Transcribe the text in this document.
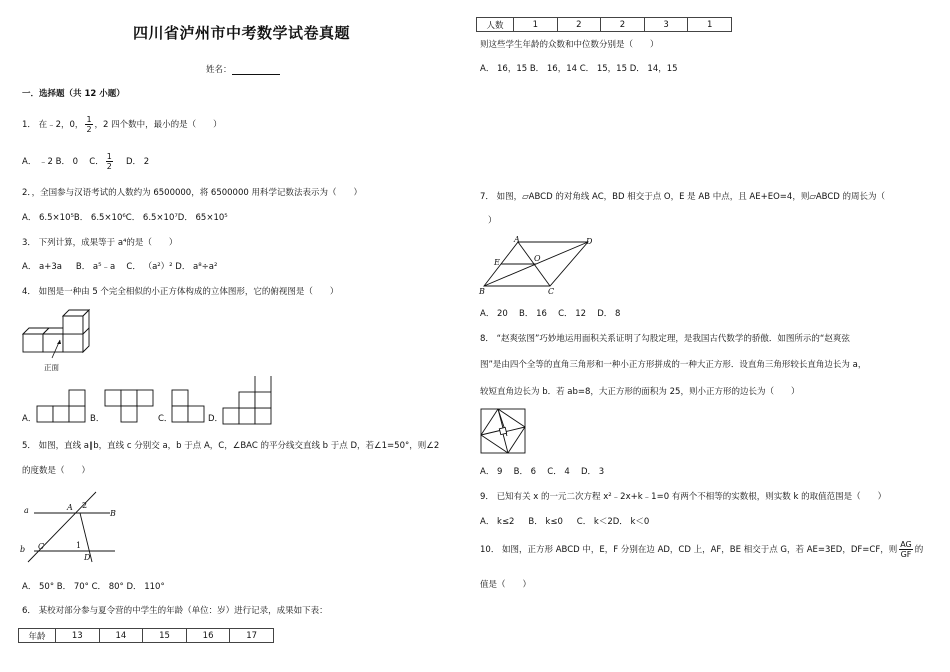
四川省泸州市中考数学试卷真题
姓名：
一．选择题（共 12 小题）
1． 在﹣2，0， $\frac{1}{2}$ ，2 四个数中，最小的是（　　）
A． ﹣2 B． 0 　C． $\frac{1}{2}$ 　D． 2
2．，全国参与汉语考试的人数约为 6500000，将 6500000 用科学记数法表示为（　　）
A． 6.5×10⁵B． 6.5×10⁶C． 6.5×10⁷D． 65×10⁵
3． 下列计算，成果等于 a⁴的是（　　）
A． a+3a 　 B． a⁵﹣a 　C． （a²）² D． a⁸÷a²
4． 如图是一种由 5 个完全相似的小正方体构成的立体图形，它的俯视图是（　　）
正面
A．	B．	C．	D．
5． 如图，直线 a∥b，直线 c 分别交 a，b 于点 A，C，∠BAC 的平分线交直线 b 于点 D，若∠1=50°，则∠2
的度数是（　　）
a
b
A 2
B
C	1
D
A． 50° B． 70° C． 80° D． 110°
6． 某校对部分参与夏令营的中学生的年龄（单位：岁）进行记录，成果如下表：
年龄	13	14	15	16	17
人数	1	2	2	3	1
则这些学生年龄的众数和中位数分别是（　　）
A． 16，15 B． 16，14 C． 15，15 D． 14，15
7． 如图，▱ABCD 的对角线 AC，BD 相交于点 O，E 是 AB 中点，且 AE+EO=4，则▱ABCD 的周长为（
）
A	D
E	O
B	C
A． 20 　B． 16 　C． 12 　D． 8
8． “赵爽弦图”巧妙地运用面积关系证明了勾股定理，是我国古代数学的骄傲．如图所示的“赵爽弦
图”是由四个全等的直角三角形和一种小正方形拼成的一种大正方形．设直角三角形较长直角边长为 a，
较短直角边长为 b．若 ab=8，大正方形的面积为 25，则小正方形的边长为（　　）
A． 9 　B． 6 　C． 4 　D． 3
9． 已知有关 x 的一元二次方程 x²﹣2x+k﹣1=0 有两个不相等的实数根，则实数 k 的取值范围是（　　）
A． k≤2 　 B． k≤0 　 C． k＜2D． k＜0
10． 如图，正方形 ABCD 中，E，F 分别在边 AD，CD 上，AF，BE 相交于点 G，若 AE=3ED，DF=CF，则 $\frac{AG}{GF}$ 的
值是（　　）
